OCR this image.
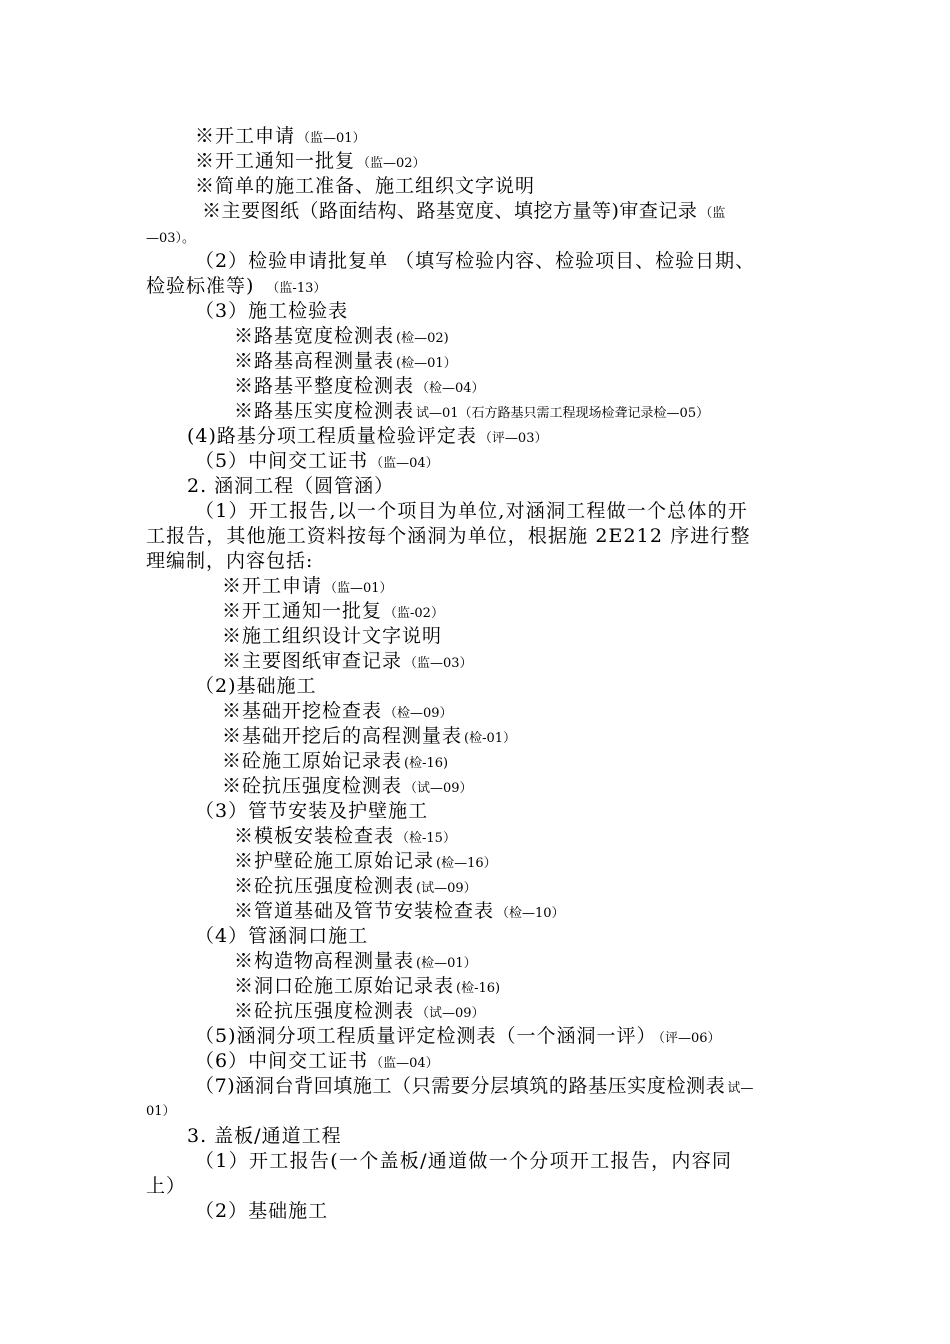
※开工申请 （监—01）
※开工通知一批复 （监—02）
※简单的施工准备、施工组织文字说明
※主要图纸（路面结构、路基宽度、填挖方量等)审查记录 （监
—03）。
（2）检验申请批复单 （填写检验内容、检验项目、检验日期、
检验标准等) （监-13）
（3）施工检验表
※路基宽度检测表 (检—02)
※路基高程测量表 (检—01）
※路基平整度检测表 （检—04）
※路基压实度检测表 试—01（石方路基只需工程现场检聋记录检—05）
(4)路基分项工程质量检验评定表 （评—03）
（5）中间交工证书 （监—04）
2. 涵洞工程（圆管涵）
（1）开工报告,以一个项目为单位,对涵洞工程做一个总体的开
工报告，其他施工资料按每个涵洞为单位，根据施 2E212 序进行整
理编制，内容包括:
※开工申请 （监—01）
※开工通知一批复 （监-02）
※施工组织设计文字说明
※主要图纸审查记录 （监—03）
（2)基础施工
※基础开挖检查表 （检—09）
※基础开挖后的高程测量表 (检-01）
※砼施工原始记录表 (检-16)
※砼抗压强度检测表 （试—09）
（3）管节安装及护壁施工
※模板安装检查表 （检-15）
※护壁砼施工原始记录 (检—16）
※砼抗压强度检测表 (试—09）
※管道基础及管节安装检查表 （检—10）
（4）管涵洞口施工
※构造物高程测量表 (检—01）
※洞口砼施工原始记录表 (检-16)
※砼抗压强度检测表 （试—09）
（5)涵洞分项工程质量评定检测表（一个涵洞一评） （评—06）
（6）中间交工证书 （监—04）
（7)涵洞台背回填施工（只需要分层填筑的路基压实度检测表 试—
01）
3. 盖板/通道工程
（1）开工报告(一个盖板/通道做一个分项开工报告，内容同
上）
（2）基础施工
